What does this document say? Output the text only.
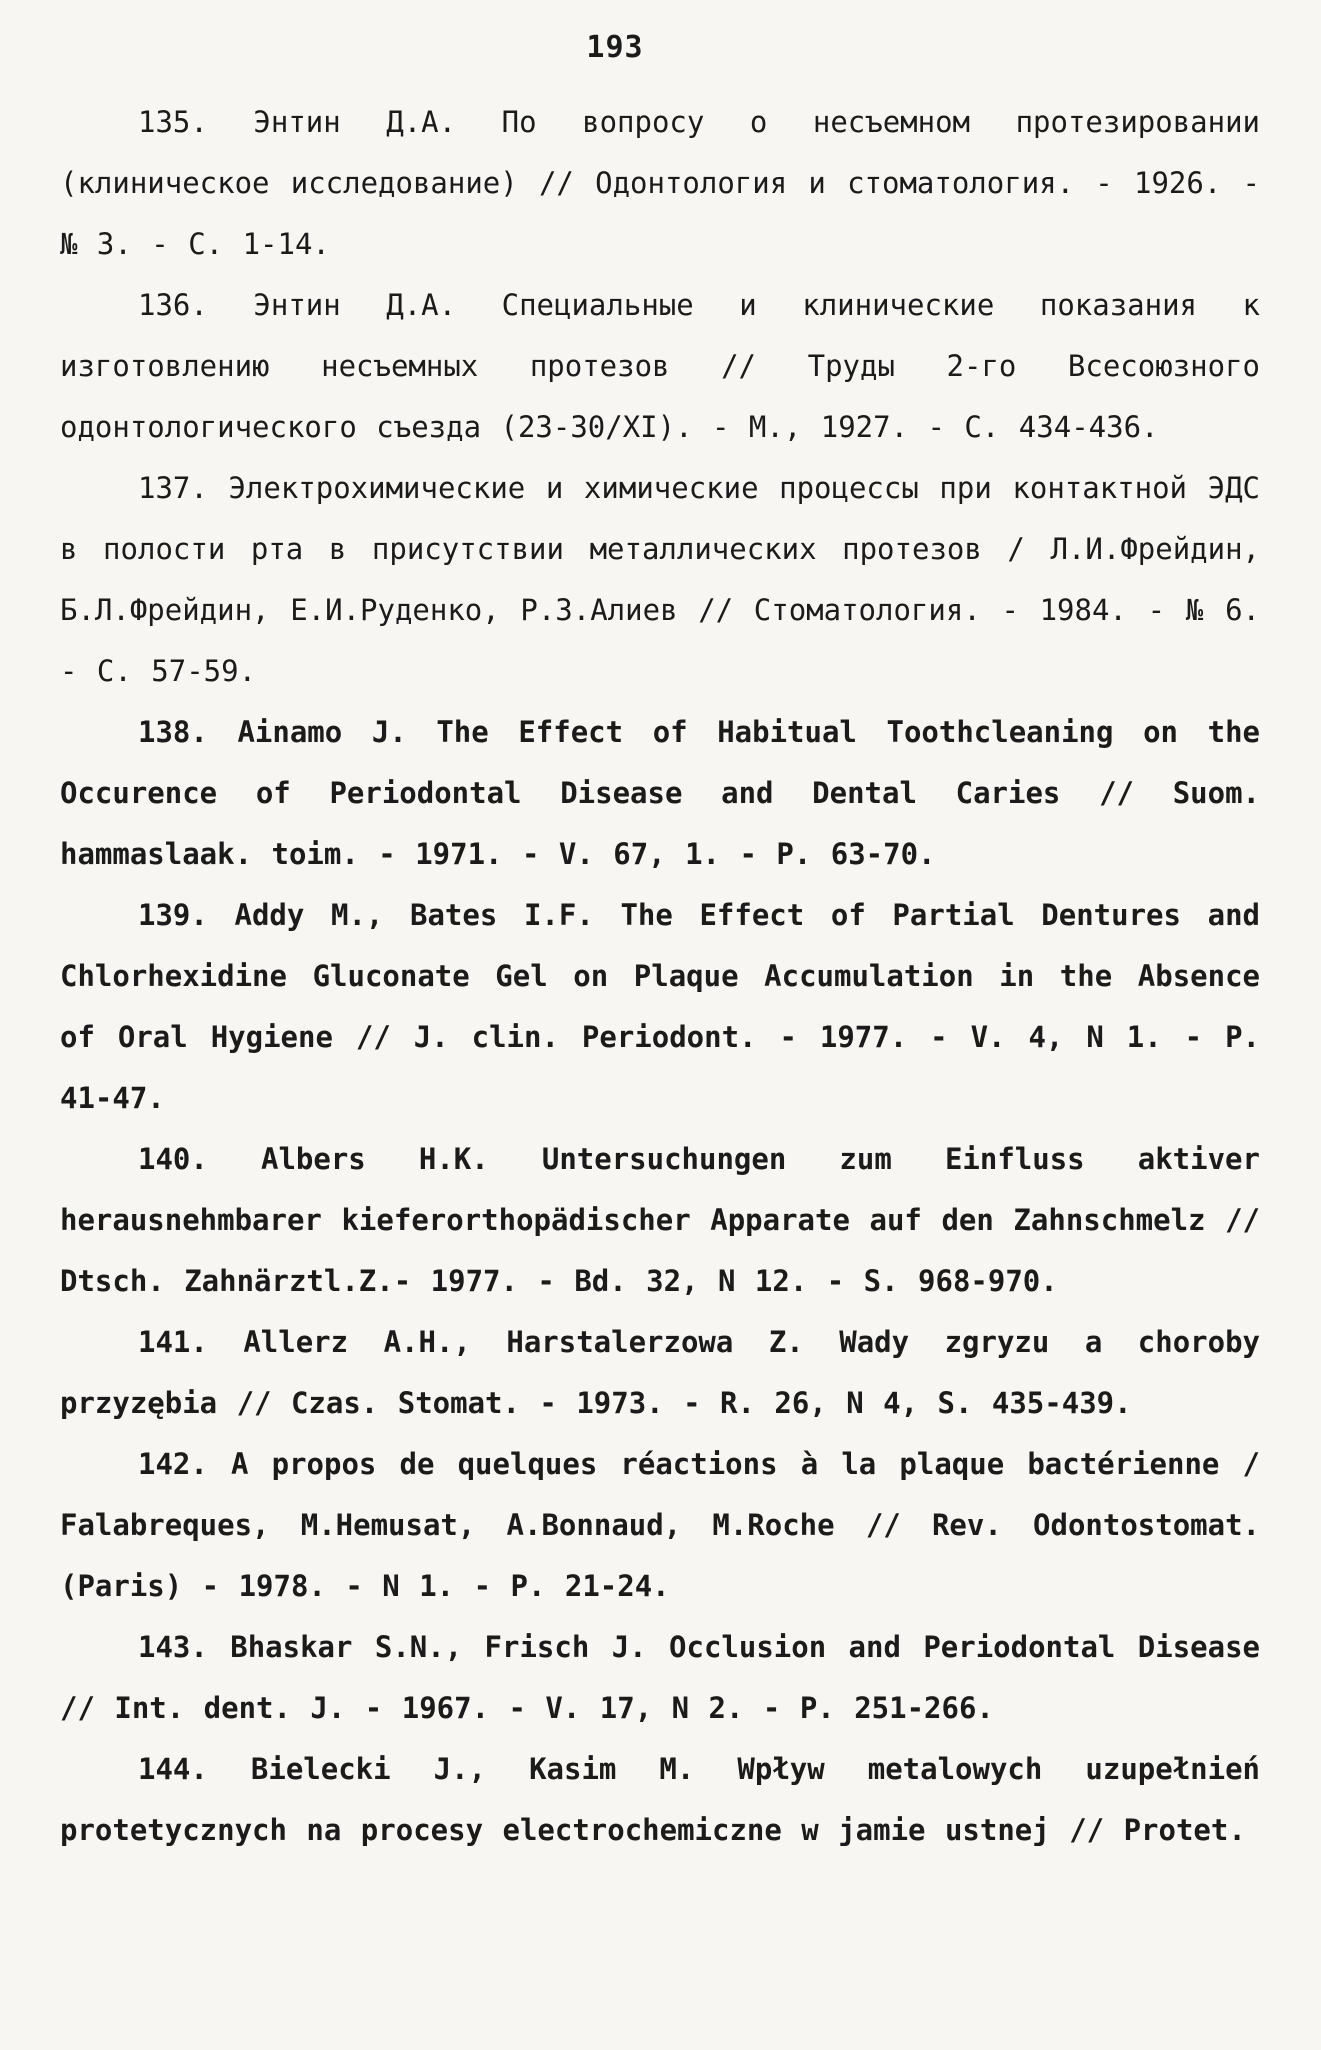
193

135. Энтин Д.А. По вопросу о несъемном протезировании (клиническое исследование) // Одонтология и стоматология. - 1926. - № 3. - С. 1-14.

136. Энтин Д.А. Специальные и клинические показания к изготовлению несъемных протезов // Труды 2-го Всесоюзного одонтологического съезда (23-30/XI). - М., 1927. - С. 434-436.

137. Электрохимические и химические процессы при контактной ЭДС в полости рта в присутствии металлических протезов / Л.И.Фрейдин, Б.Л.Фрейдин, Е.И.Руденко, Р.З.Алиев // Стоматология. - 1984. - № 6. - С. 57-59.

138. Ainamo J. The Effect of Habitual Toothcleaning on the Occurence of Periodontal Disease and Dental Caries // Suom. hammaslaak. toim. - 1971. - V. 67, 1. - P. 63-70.

139. Addy M., Bates I.F. The Effect of Partial Dentures and Chlorhexidine Gluconate Gel on Plaque Accumulation in the Absence of Oral Hygiene // J. clin. Periodont. - 1977. - V. 4, N 1. - P. 41-47.

140. Albers H.K. Untersuchungen zum Einfluss aktiver herausnehmbarer kieferorthopädischer Apparate auf den Zahnschmelz // Dtsch. Zahnärztl.Z.- 1977. - Bd. 32, N 12. - S. 968-970.

141. Allerz A.H., Harstalerzowa Z. Wady zgryzu a choroby przyzębia // Czas. Stomat. - 1973. - R. 26, N 4, S. 435-439.

142. A propos de quelques réactions à la plaque bactérienne / Falabreques, M.Hemusat, A.Bonnaud, M.Roche // Rev. Odontostomat. (Paris) - 1978. - N 1. - P. 21-24.

143. Bhaskar S.N., Frisch J. Occlusion and Periodontal Disease // Int. dent. J. - 1967. - V. 17, N 2. - P. 251-266.

144. Bielecki J., Kasim M. Wpływ metalowych uzupełnień protetycznych na procesy electrochemiczne w jamie ustnej // Protet.
